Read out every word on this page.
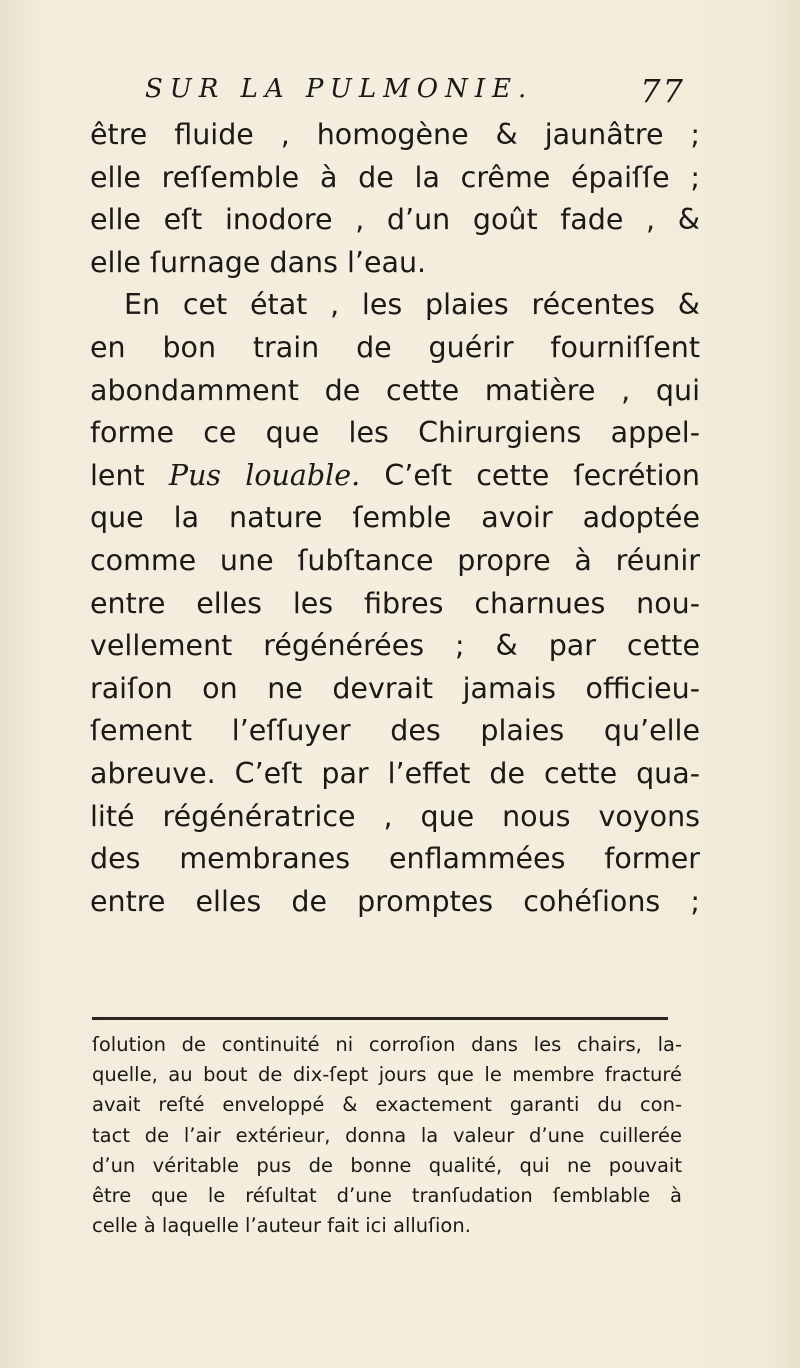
SUR LA PULMONIE.	77
être fluide , homogène & jaunâtre ;
elle reſſemble à de la crême épaiſſe ;
elle eſt inodore , d’un goût fade , &
elle ſurnage dans l’eau.
En cet état , les plaies récentes &
en bon train de guérir fourniſſent
abondamment de cette matière , qui
forme ce que les Chirurgiens appel-
lent Pus louable. C’eſt cette ſecrétion
que la nature ſemble avoir adoptée
comme une ſubſtance propre à réunir
entre elles les fibres charnues nou-
vellement régénérées ; & par cette
raiſon on ne devrait jamais officieu-
ſement l’eſſuyer des plaies qu’elle
abreuve. C’eſt par l’effet de cette qua-
lité régénératrice , que nous voyons
des membranes enflammées former
entre elles de promptes cohéſions ;
ſolution de continuité ni corroſion dans les chairs, la-
quelle, au bout de dix-ſept jours que le membre fracturé
avait reſté enveloppé & exactement garanti du con-
tact de l’air extérieur, donna la valeur d’une cuillerée
d’un véritable pus de bonne qualité, qui ne pouvait
être que le réſultat d’une tranſudation ſemblable à
celle à laquelle l’auteur fait ici alluſion.
